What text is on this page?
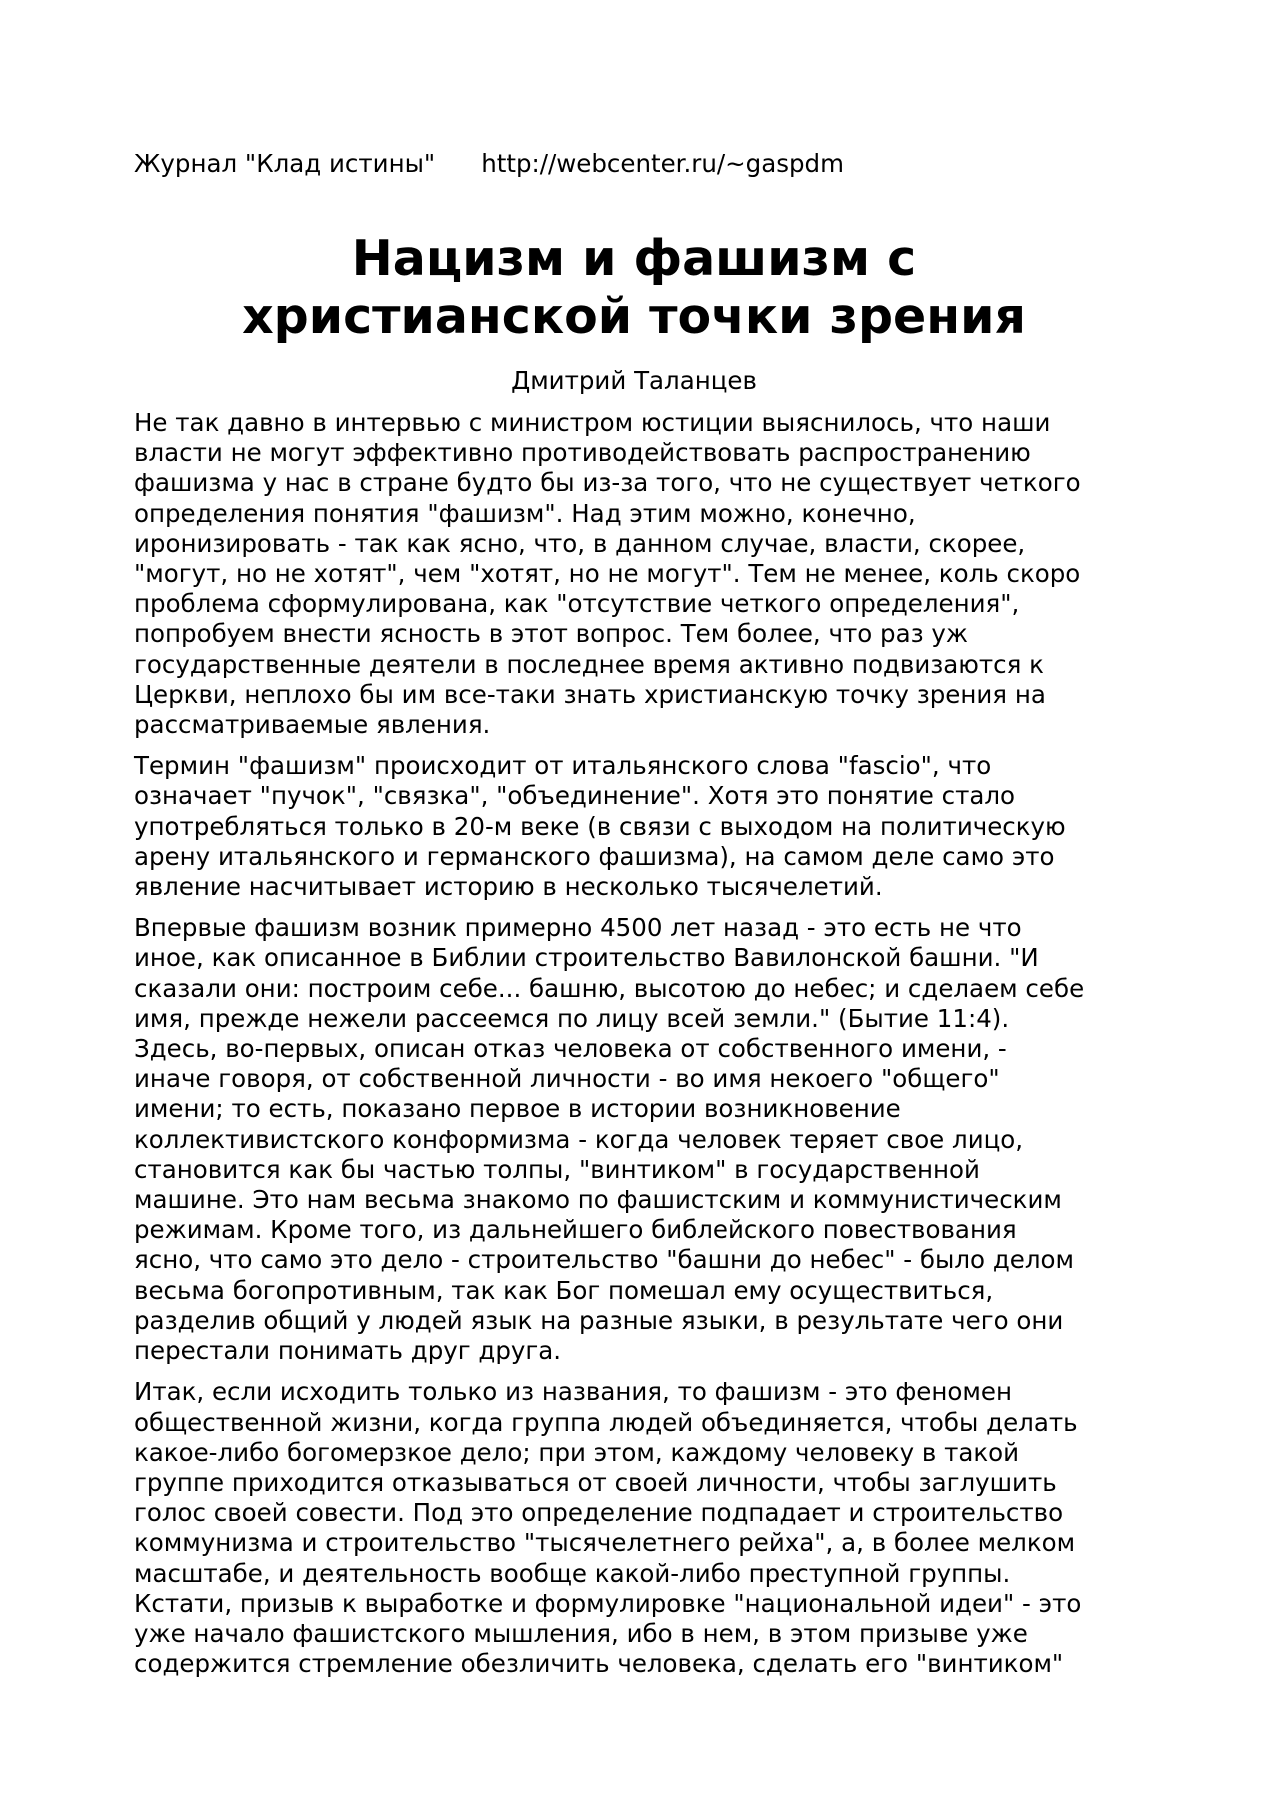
Журнал "Клад истины" http://webcenter.ru/~gaspdm
Нацизм и фашизм с
христианской точки зрения
Дмитрий Таланцев

Не так давно в интервью с министром юстиции выяснилось, что наши
власти не могут эффективно противодействовать распространению
фашизма у нас в стране будто бы из-за того, что не существует четкого
определения понятия "фашизм". Над этим можно, конечно,
иронизировать - так как ясно, что, в данном случае, власти, скорее,
"могут, но не хотят", чем "хотят, но не могут". Тем не менее, коль скоро
проблема сформулирована, как "отсутствие четкого определения",
попробуем внести ясность в этот вопрос. Тем более, что раз уж
государственные деятели в последнее время активно подвизаются к
Церкви, неплохо бы им все-таки знать христианскую точку зрения на
рассматриваемые явления.

Термин "фашизм" происходит от итальянского слова "fascio", что
означает "пучок", "связка", "объединение". Хотя это понятие стало
употребляться только в 20-м веке (в связи с выходом на политическую
арену итальянского и германского фашизма), на самом деле само это
явление насчитывает историю в несколько тысячелетий.

Впервые фашизм возник примерно 4500 лет назад - это есть не что
иное, как описанное в Библии строительство Вавилонской башни. "И
сказали они: построим себе... башню, высотою до небес; и сделаем себе
имя, прежде нежели рассеемся по лицу всей земли." (Бытие 11:4).
Здесь, во-первых, описан отказ человека от собственного имени, -
иначе говоря, от собственной личности - во имя некоего "общего"
имени; то есть, показано первое в истории возникновение
коллективистского конформизма - когда человек теряет свое лицо,
становится как бы частью толпы, "винтиком" в государственной
машине. Это нам весьма знакомо по фашистским и коммунистическим
режимам. Кроме того, из дальнейшего библейского повествования
ясно, что само это дело - строительство "башни до небес" - было делом
весьма богопротивным, так как Бог помешал ему осуществиться,
разделив общий у людей язык на разные языки, в результате чего они
перестали понимать друг друга.

Итак, если исходить только из названия, то фашизм - это феномен
общественной жизни, когда группа людей объединяется, чтобы делать
какое-либо богомерзкое дело; при этом, каждому человеку в такой
группе приходится отказываться от своей личности, чтобы заглушить
голос своей совести. Под это определение подпадает и строительство
коммунизма и строительство "тысячелетнего рейха", а, в более мелком
масштабе, и деятельность вообще какой-либо преступной группы.
Кстати, призыв к выработке и формулировке "национальной идеи" - это
уже начало фашистского мышления, ибо в нем, в этом призыве уже
содержится стремление обезличить человека, сделать его "винтиком"
